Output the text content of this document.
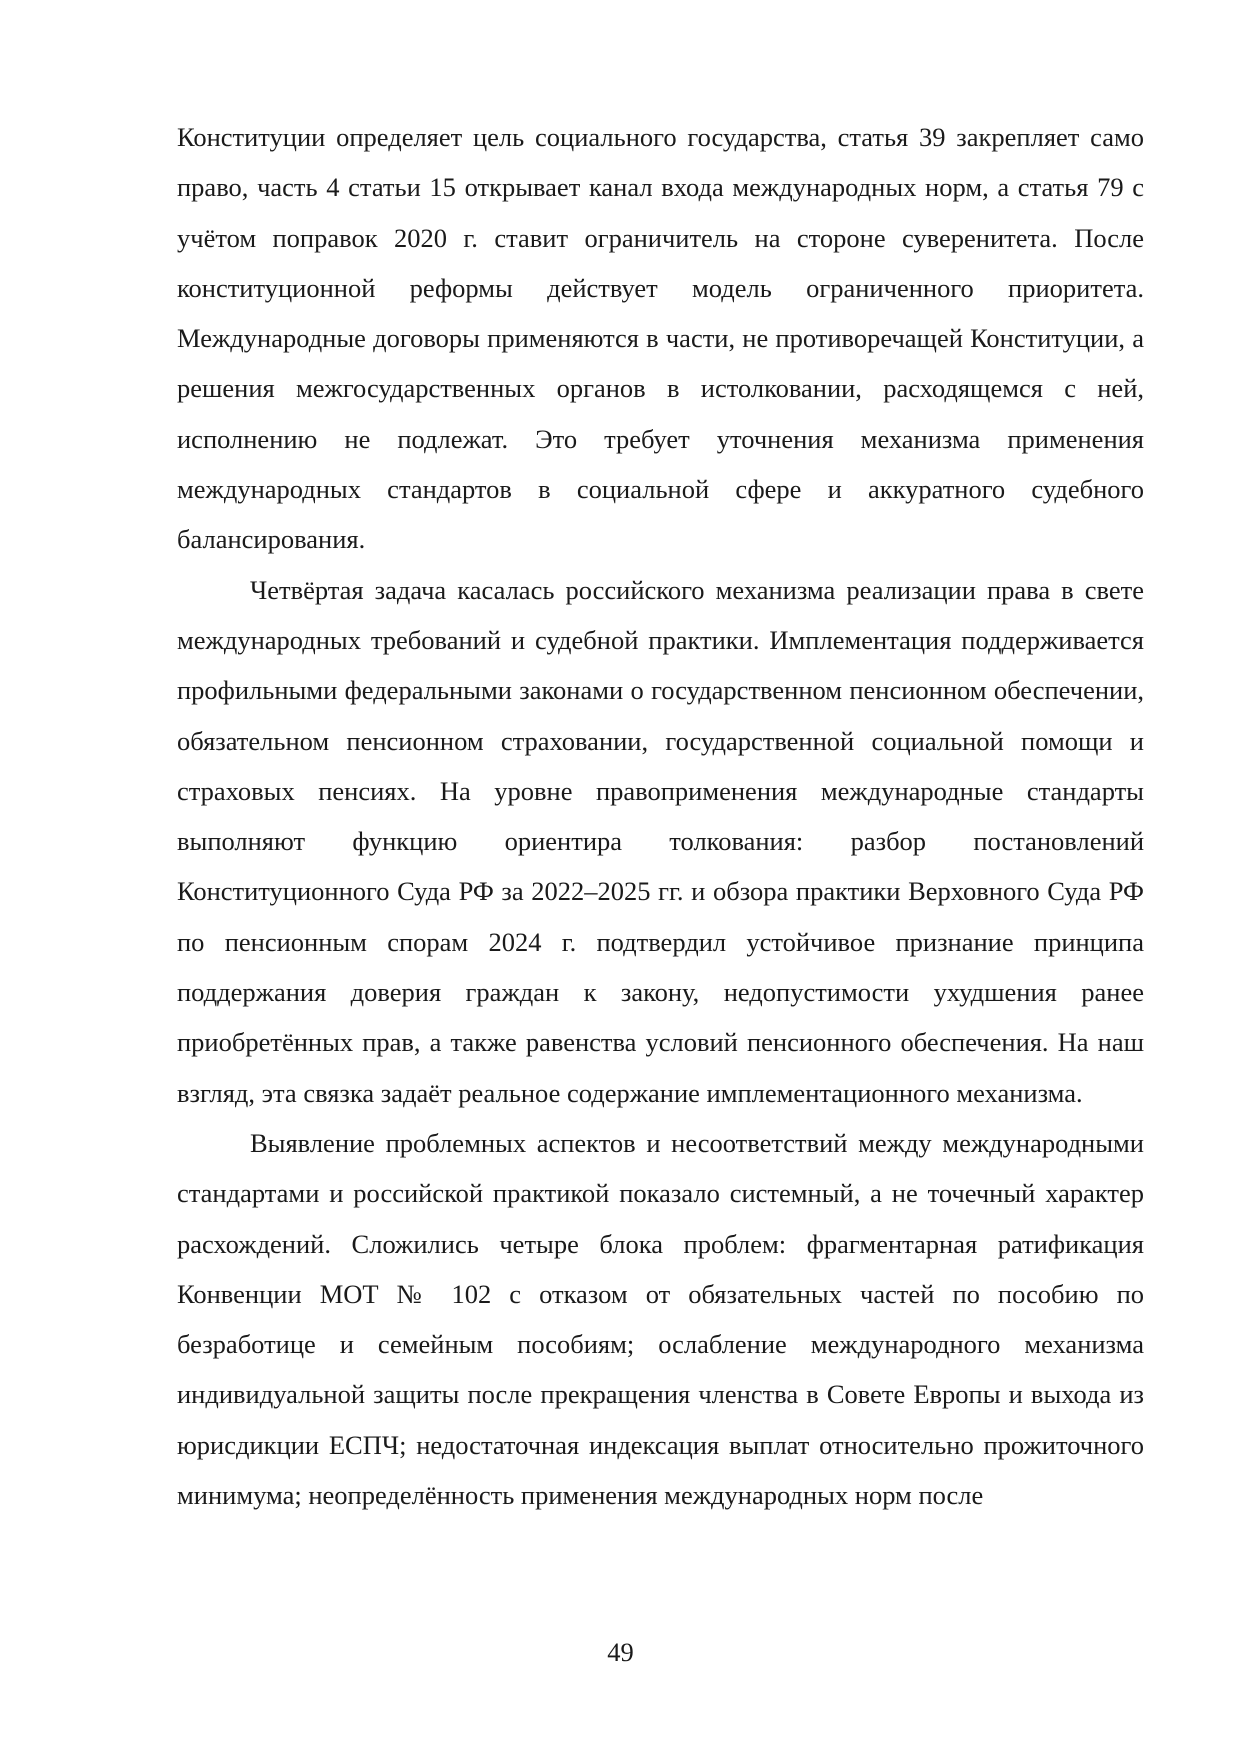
Конституции определяет цель социального государства, статья 39 закрепляет само право, часть 4 статьи 15 открывает канал входа международных норм, а статья 79 с учётом поправок 2020 г. ставит ограничитель на стороне суверенитета. После конституционной реформы действует модель ограниченного приоритета. Международные договоры применяются в части, не противоречащей Конституции, а решения межгосударственных органов в истолковании, расходящемся с ней, исполнению не подлежат. Это требует уточнения механизма применения международных стандартов в социальной сфере и аккуратного судебного балансирования.

Четвёртая задача касалась российского механизма реализации права в свете международных требований и судебной практики. Имплементация поддерживается профильными федеральными законами о государственном пенсионном обеспечении, обязательном пенсионном страховании, государственной социальной помощи и страховых пенсиях. На уровне правоприменения международные стандарты выполняют функцию ориентира толкования: разбор постановлений Конституционного Суда РФ за 2022–2025 гг. и обзора практики Верховного Суда РФ по пенсионным спорам 2024 г. подтвердил устойчивое признание принципа поддержания доверия граждан к закону, недопустимости ухудшения ранее приобретённых прав, а также равенства условий пенсионного обеспечения. На наш взгляд, эта связка задаёт реальное содержание имплементационного механизма.

Выявление проблемных аспектов и несоответствий между международными стандартами и российской практикой показало системный, а не точечный характер расхождений. Сложились четыре блока проблем: фрагментарная ратификация Конвенции МОТ № 102 с отказом от обязательных частей по пособию по безработице и семейным пособиям; ослабление международного механизма индивидуальной защиты после прекращения членства в Совете Европы и выхода из юрисдикции ЕСПЧ; недостаточная индексация выплат относительно прожиточного минимума; неопределённость применения международных норм после

49
